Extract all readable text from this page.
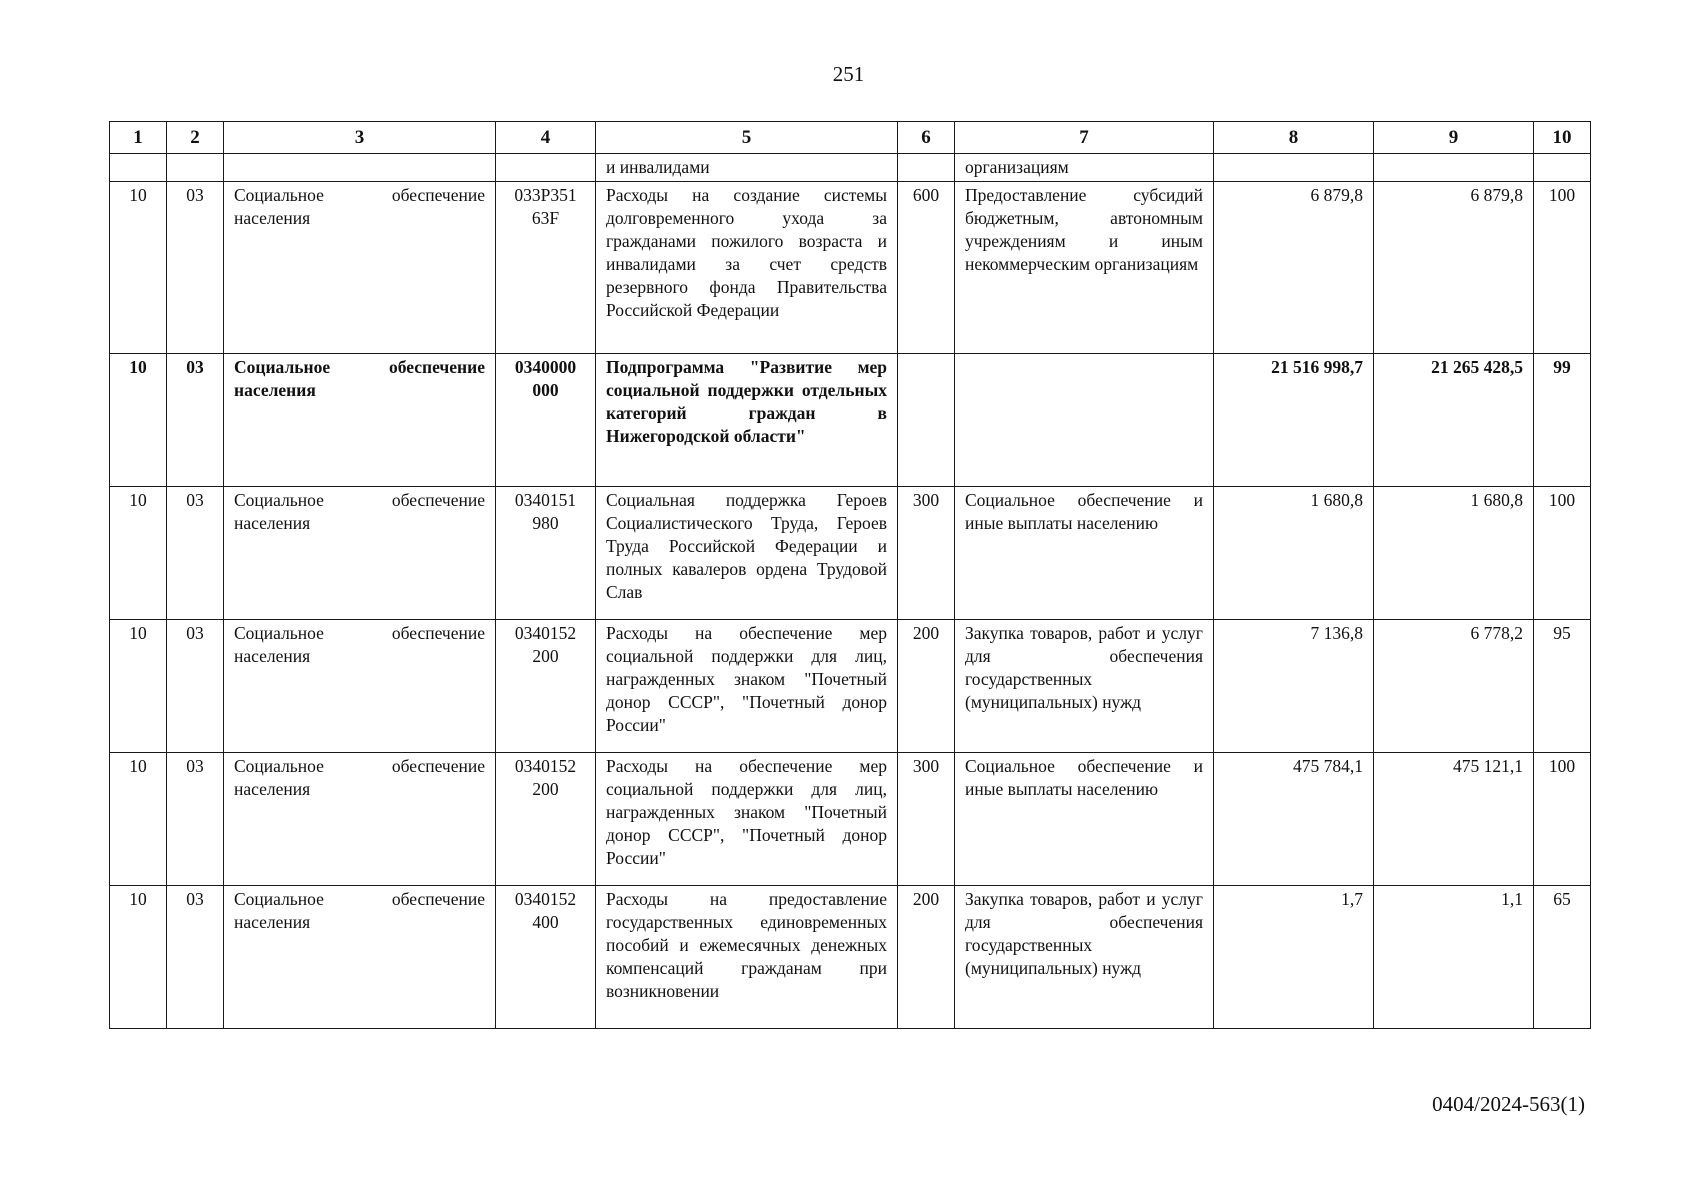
251
1	2	3	4	5	6	7	8	9	10
				и инвалидами		организациям			
10	03	Социальное обеспечение населения	033P351 63F	Расходы на создание системы долговременного ухода за гражданами пожилого возраста и инвалидами за счет средств резервного фонда Правительства Российской Федерации	600	Предоставление субсидий бюджетным, автономным учреждениям и иным некоммерческим организациям	6 879,8	6 879,8	100
10	03	Социальное обеспечение населения	0340000 000	Подпрограмма "Развитие мер социальной поддержки отдельных категорий граждан в Нижегородской области"			21 516 998,7	21 265 428,5	99
10	03	Социальное обеспечение населения	0340151 980	Социальная поддержка Героев Социалистического Труда, Героев Труда Российской Федерации и полных кавалеров ордена Трудовой Слав	300	Социальное обеспечение и иные выплаты населению	1 680,8	1 680,8	100
10	03	Социальное обеспечение населения	0340152 200	Расходы на обеспечение мер социальной поддержки для лиц, награжденных знаком "Почетный донор СССР", "Почетный донор России"	200	Закупка товаров, работ и услуг для обеспечения государственных (муниципальных) нужд	7 136,8	6 778,2	95
10	03	Социальное обеспечение населения	0340152 200	Расходы на обеспечение мер социальной поддержки для лиц, награжденных знаком "Почетный донор СССР", "Почетный донор России"	300	Социальное обеспечение и иные выплаты населению	475 784,1	475 121,1	100
10	03	Социальное обеспечение населения	0340152 400	Расходы на предоставление государственных единовременных пособий и ежемесячных денежных компенсаций гражданам при возникновении	200	Закупка товаров, работ и услуг для обеспечения государственных (муниципальных) нужд	1,7	1,1	65
0404/2024-563(1)
